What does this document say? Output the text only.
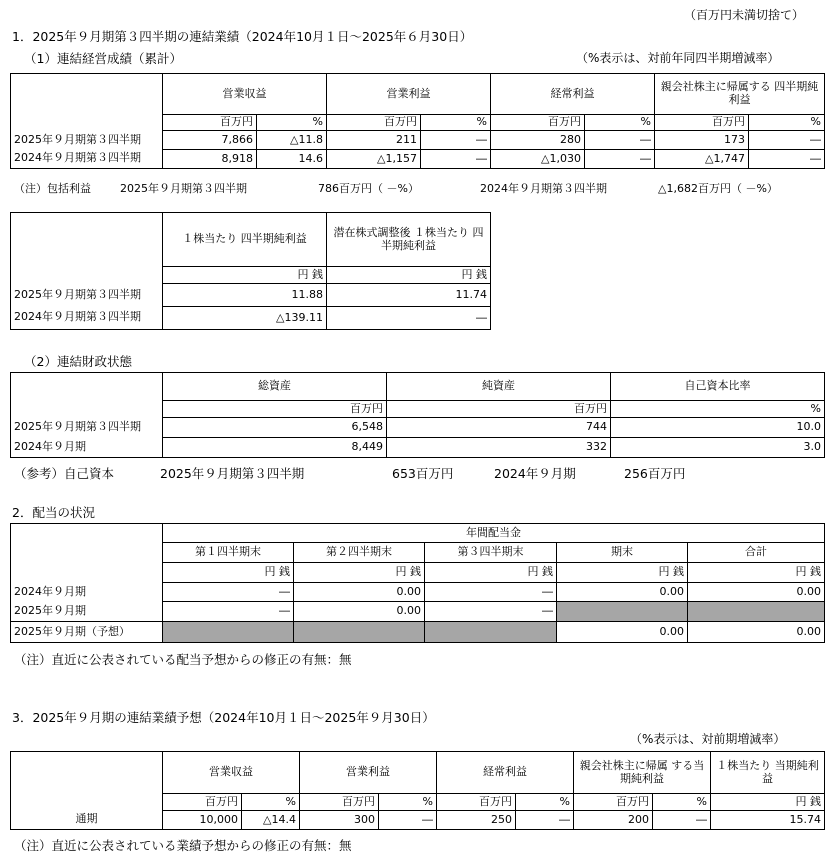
（百万円未満切捨て）
1．2025年９月期第３四半期の連結業績（2024年10月１日～2025年６月30日）
（1）連結経営成績（累計）	（%表示は、対前年同四半期増減率）
	営業収益		営業利益		経常利益		親会社株主に帰属する 四半期純利益	
	百万円	%	百万円	%	百万円	%	百万円	%
2025年９月期第３四半期	7,866	△11.8	211	―	280	―	173	―
2024年９月期第３四半期	8,918	14.6	△1,157	―	△1,030	―	△1,747	―
（注）包括利益	2025年９月期第３四半期	786百万円（ －%）	2024年９月期第３四半期	△1,682百万円（ －%）
	１株当たり 四半期純利益	潜在株式調整後 １株当たり 四半期純利益
	円 銭	円 銭
2025年９月期第３四半期	11.88	11.74
2024年９月期第３四半期	△139.11	―
（2）連結財政状態
	総資産	純資産	自己資本比率
	百万円	百万円	%
2025年９月期第３四半期	6,548	744	10.0
2024年９月期	8,449	332	3.0
（参考）自己資本	2025年９月期第３四半期	653百万円	2024年９月期	256百万円
2．配当の状況
	年間配当金				
	第１四半期末	第２四半期末	第３四半期末	期末	合計
	円 銭	円 銭	円 銭	円 銭	円 銭
2024年９月期	―	0.00	―	0.00	0.00
2025年９月期	―	0.00	―		
2025年９月期（予想）				0.00	0.00
（注）直近に公表されている配当予想からの修正の有無：無
3．2025年９月期の連結業績予想（2024年10月１日～2025年９月30日）
（%表示は、対前期増減率）
	営業収益		営業利益		経常利益		親会社株主に帰属 する当期純利益		１株当たり 当期純利益
	百万円	%	百万円	%	百万円	%	百万円	%	円 銭
通期	10,000	△14.4	300	―	250	―	200	―	15.74
（注）直近に公表されている業績予想からの修正の有無：無
